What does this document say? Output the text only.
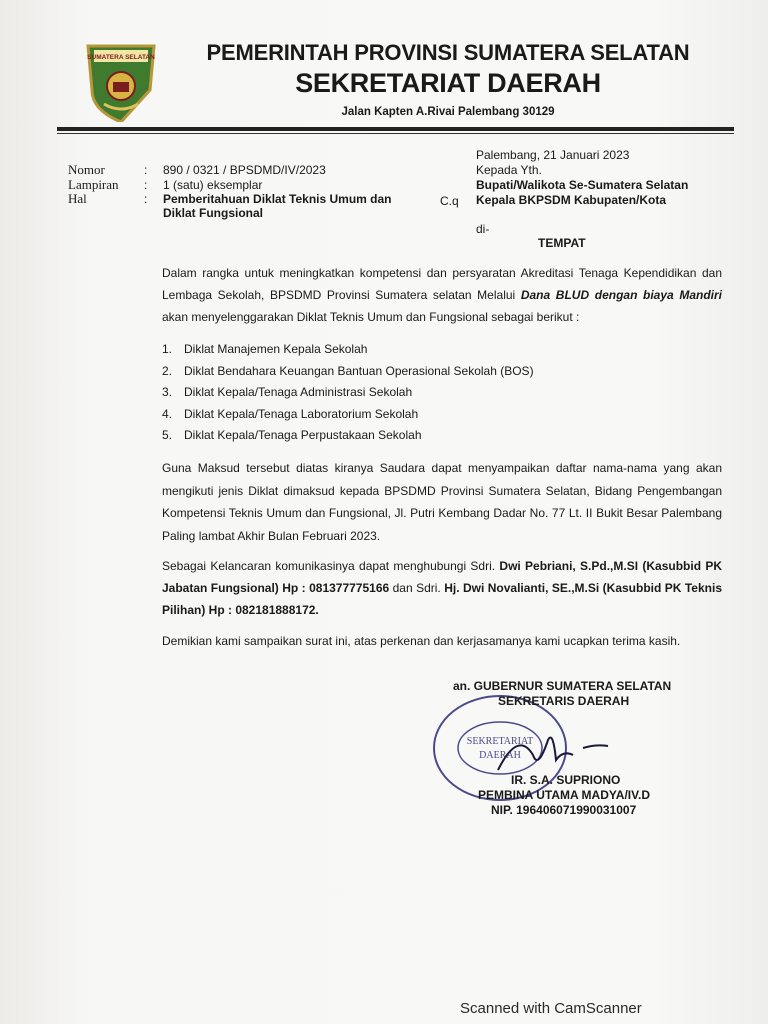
SUMATERA SELATAN	PEMERINTAH PROVINSI SUMATERA SELATAN
SEKRETARIAT DAERAH
Jalan Kapten A.Rivai Palembang 30129
Nomor	: 890 / 0321 / BPSDMD/IV/2023
Lampiran : 1 (satu) eksemplar
Hal	: Pemberitahuan Diklat Teknis Umum dan
Diklat Fungsional
Palembang, 21 Januari 2023
Kepada Yth.
Bupati/Walikota Se-Sumatera Selatan
C.q Kepala BKPSDM Kabupaten/Kota
di-
TEMPAT
Dalam rangka untuk meningkatkan kompetensi dan persyaratan Akreditasi Tenaga Kependidikan dan Lembaga Sekolah, BPSDMD Provinsi Sumatera selatan Melalui Dana BLUD dengan biaya Mandiri akan menyelenggarakan Diklat Teknis Umum dan Fungsional sebagai berikut :
1. Diklat Manajemen Kepala Sekolah
2. Diklat Bendahara Keuangan Bantuan Operasional Sekolah (BOS)
3. Diklat Kepala/Tenaga Administrasi Sekolah
4. Diklat Kepala/Tenaga Laboratorium Sekolah
5. Diklat Kepala/Tenaga Perpustakaan Sekolah
Guna Maksud tersebut diatas kiranya Saudara dapat menyampaikan daftar nama-nama yang akan mengikuti jenis Diklat dimaksud kepada BPSDMD Provinsi Sumatera Selatan, Bidang Pengembangan Kompetensi Teknis Umum dan Fungsional, Jl. Putri Kembang Dadar No. 77 Lt. II Bukit Besar Palembang Paling lambat Akhir Bulan Februari 2023.
Sebagai Kelancaran komunikasinya dapat menghubungi Sdri. Dwi Pebriani, S.Pd.,M.SI (Kasubbid PK Jabatan Fungsional) Hp : 081377775166 dan Sdri. Hj. Dwi Novalianti, SE.,M.Si (Kasubbid PK Teknis Pilihan) Hp : 082181888172.
Demikian kami sampaikan surat ini, atas perkenan dan kerjasamanya kami ucapkan terima kasih.
SEKRETARIAT
DAERAH
an. GUBERNUR SUMATERA SELATAN
SEKRETARIS DAERAH
IR. S.A. SUPRIONO
PEMBINA UTAMA MADYA/IV.D
NIP. 196406071990031007
Scanned with CamScanner
